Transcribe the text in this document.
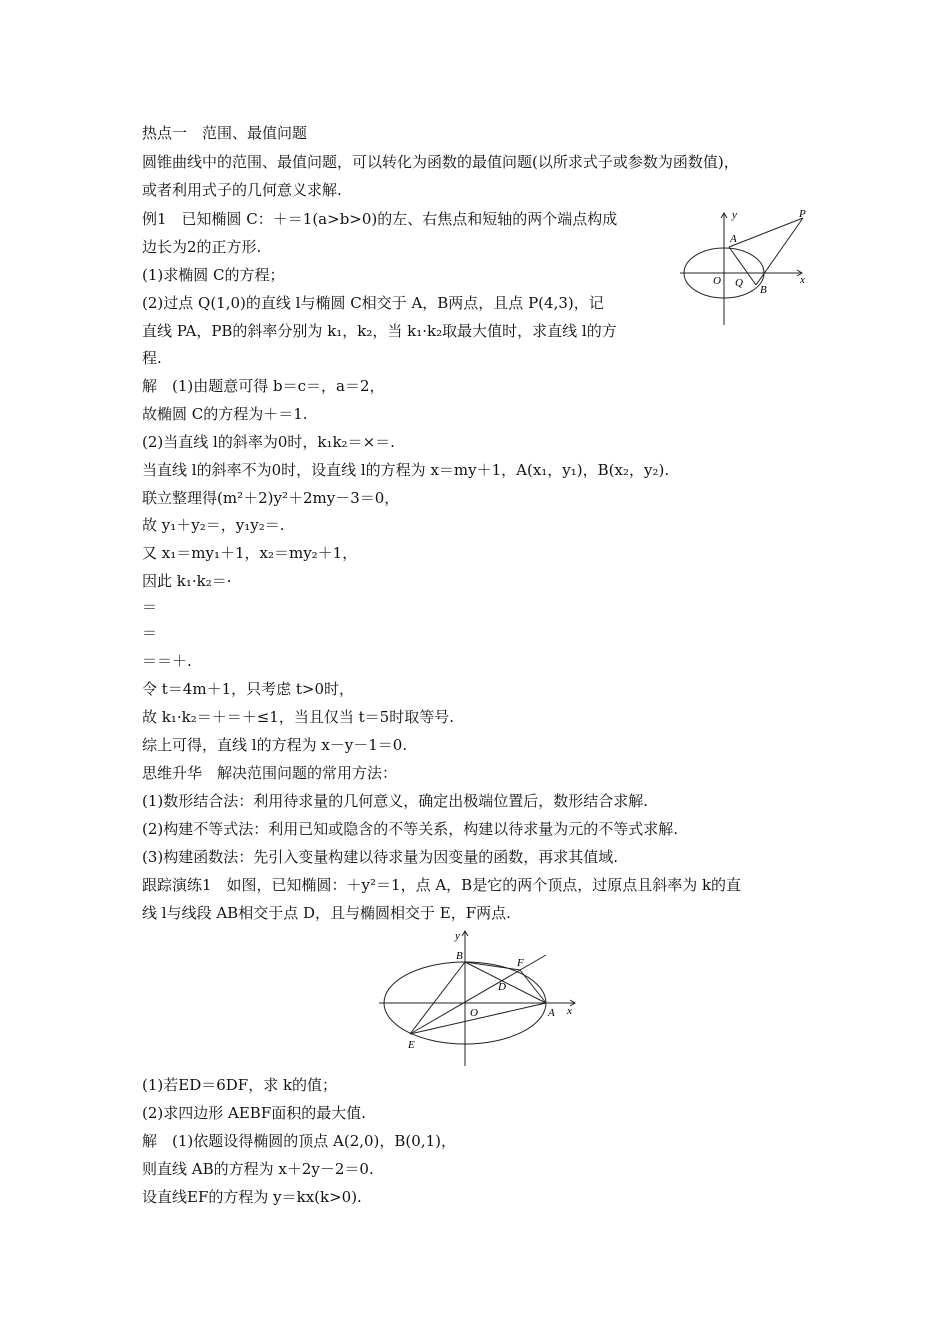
热点一　范围、最值问题
圆锥曲线中的范围、最值问题，可以转化为函数的最值问题(以所求式子或参数为函数值)，
或者利用式子的几何意义求解.
例1　已知椭圆 C：＋＝1(a>b>0)的左、右焦点和短轴的两个端点构成
边长为2的正方形.
(1)求椭圆 C的方程；
(2)过点 Q(1,0)的直线 l与椭圆 C相交于 A，B两点，且点 P(4,3)，记
直线 PA，PB的斜率分别为 k₁，k₂，当 k₁·k₂取最大值时，求直线 l的方
程.
解　(1)由题意可得 b＝c＝，a＝2，
故椭圆 C的方程为＋＝1.
(2)当直线 l的斜率为0时，k₁k₂＝×＝.
当直线 l的斜率不为0时，设直线 l的方程为 x＝my＋1，A(x₁，y₁)，B(x₂，y₂).
联立整理得(m²＋2)y²＋2my－3＝0，
故 y₁＋y₂＝，y₁y₂＝.
又 x₁＝my₁＋1，x₂＝my₂＋1，
因此 k₁·k₂＝·
＝
＝
＝＝＋.
令 t＝4m＋1，只考虑 t>0时，
故 k₁·k₂＝＋＝＋≤1，当且仅当 t＝5时取等号.
综上可得，直线 l的方程为 x－y－1＝0.
思维升华　解决范围问题的常用方法：
(1)数形结合法：利用待求量的几何意义，确定出极端位置后，数形结合求解.
(2)构建不等式法：利用已知或隐含的不等关系，构建以待求量为元的不等式求解.
(3)构建函数法：先引入变量构建以待求量为因变量的函数，再求其值域.
跟踪演练1　如图，已知椭圆：＋y²＝1，点 A，B是它的两个顶点，过原点且斜率为 k的直
线 l与线段 AB相交于点 D，且与椭圆相交于 E，F两点.
(1)若ED＝6DF，求 k的值；
(2)求四边形 AEBF面积的最大值.
解　(1)依题设得椭圆的顶点 A(2,0)，B(0,1)，
则直线 AB的方程为 x＋2y－2＝0.
设直线EF的方程为 y＝kx(k>0).
y
x
P
A
O Q
B
y
x
B
F
D
O	A
E
